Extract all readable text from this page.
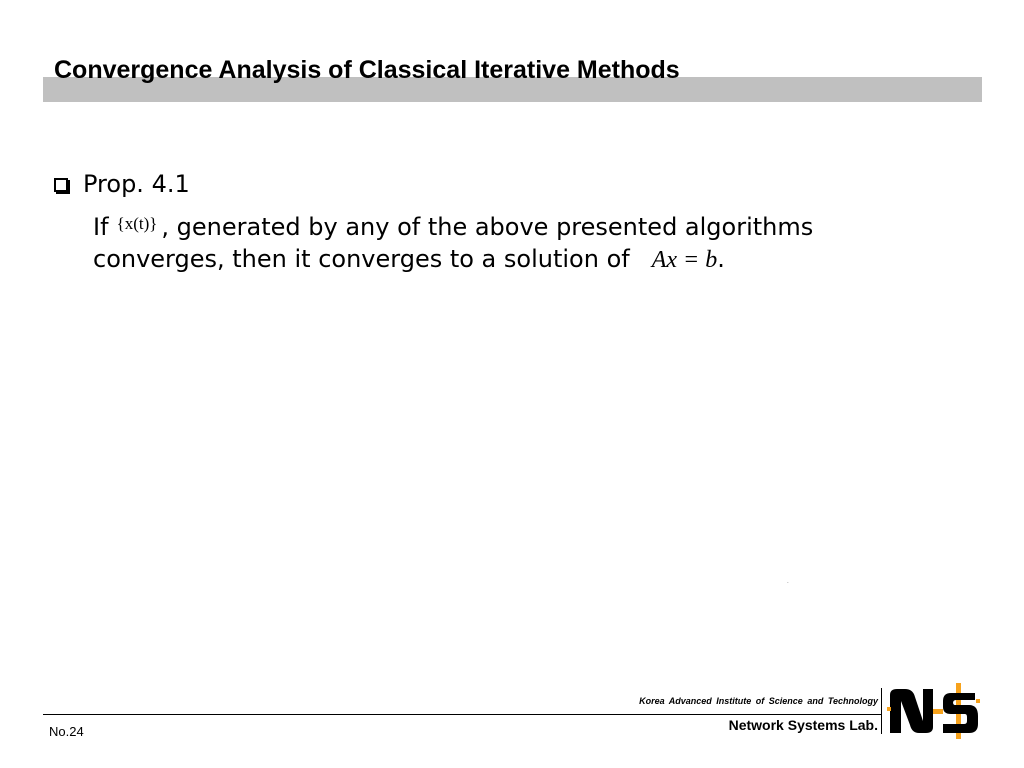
Convergence Analysis of Classical Iterative Methods
Prop. 4.1
If {x(t)} , generated by any of the above presented algorithms
converges, then it converges to a solution of Ax = b.
No.24
Korea Advanced Institute of Science and Technology
Network Systems Lab.
NS
